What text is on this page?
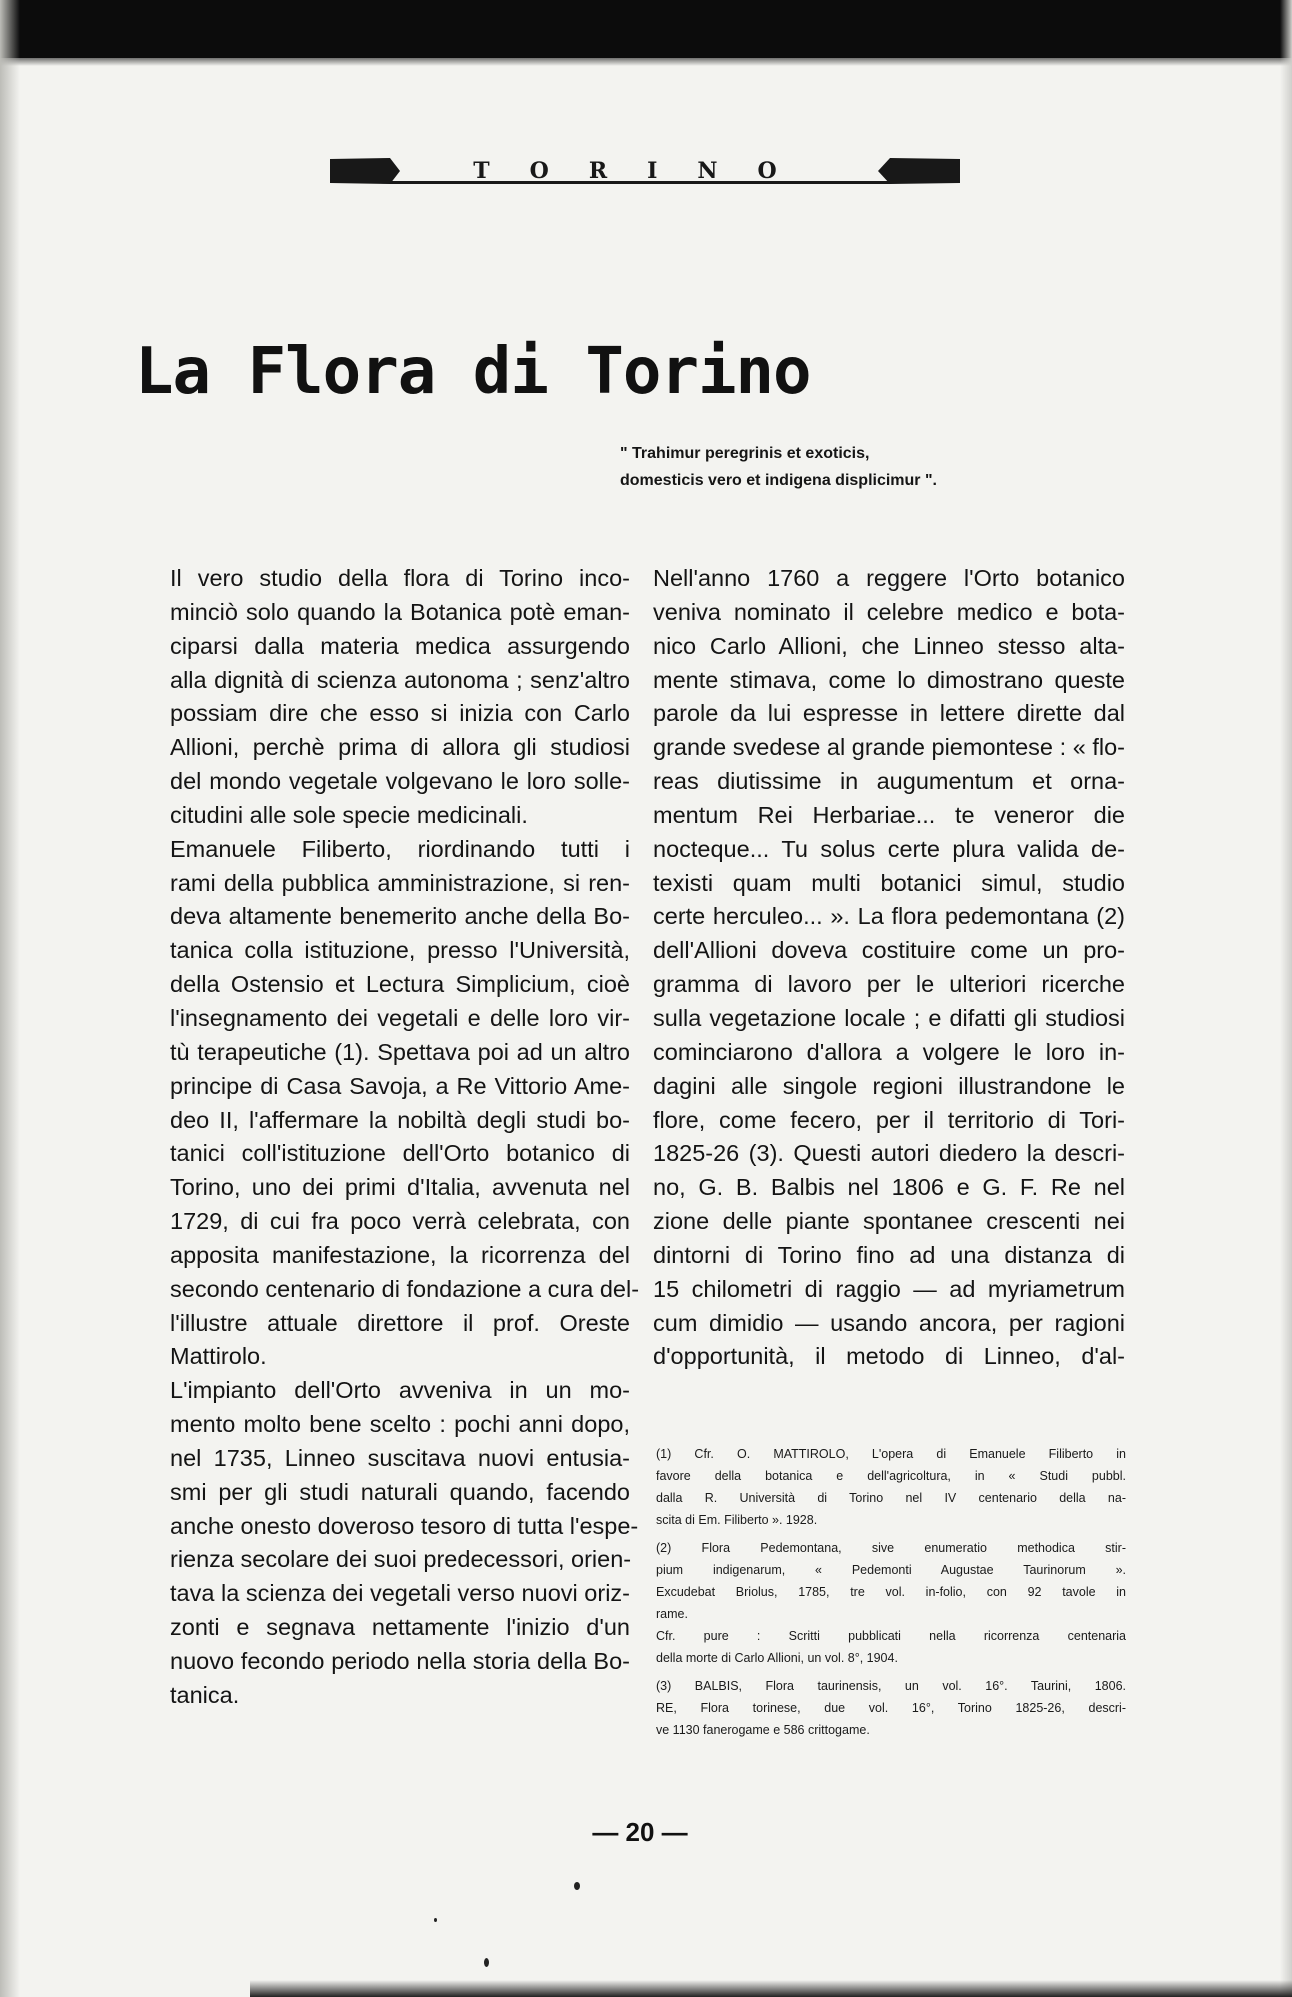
TORINO
La Flora di Torino
" Trahimur peregrinis et exoticis,
domesticis vero et indigena displicimur ".
Il vero studio della flora di Torino inco-
minciò solo quando la Botanica potè eman-
ciparsi dalla materia medica assurgendo
alla dignità di scienza autonoma ; senz'altro
possiam dire che esso si inizia con Carlo
Allioni, perchè prima di allora gli studiosi
del mondo vegetale volgevano le loro solle-
citudini alle sole specie medicinali.
Emanuele Filiberto, riordinando tutti i
rami della pubblica amministrazione, si ren-
deva altamente benemerito anche della Bo-
tanica colla istituzione, presso l'Università,
della Ostensio et Lectura Simplicium, cioè
l'insegnamento dei vegetali e delle loro vir-
tù terapeutiche (1). Spettava poi ad un altro
principe di Casa Savoja, a Re Vittorio Ame-
deo II, l'affermare la nobiltà degli studi bo-
tanici coll'istituzione dell'Orto botanico di
Torino, uno dei primi d'Italia, avvenuta nel
1729, di cui fra poco verrà celebrata, con
apposita manifestazione, la ricorrenza del
secondo centenario di fondazione a cura del-
l'illustre attuale direttore il prof. Oreste
Mattirolo.
L'impianto dell'Orto avveniva in un mo-
mento molto bene scelto : pochi anni dopo,
nel 1735, Linneo suscitava nuovi entusia-
smi per gli studi naturali quando, facendo
anche onesto doveroso tesoro di tutta l'espe-
rienza secolare dei suoi predecessori, orien-
tava la scienza dei vegetali verso nuovi oriz-
zonti e segnava nettamente l'inizio d'un
nuovo fecondo periodo nella storia della Bo-
tanica.
Nell'anno 1760 a reggere l'Orto botanico
veniva nominato il celebre medico e bota-
nico Carlo Allioni, che Linneo stesso alta-
mente stimava, come lo dimostrano queste
parole da lui espresse in lettere dirette dal
grande svedese al grande piemontese : « flo-
reas diutissime in augumentum et orna-
mentum Rei Herbariae... te veneror die
nocteque... Tu solus certe plura valida de-
texisti quam multi botanici simul, studio
certe herculeo... ». La flora pedemontana (2)
dell'Allioni doveva costituire come un pro-
gramma di lavoro per le ulteriori ricerche
sulla vegetazione locale ; e difatti gli studiosi
cominciarono d'allora a volgere le loro in-
dagini alle singole regioni illustrandone le
flore, come fecero, per il territorio di Tori-
1825-26 (3). Questi autori diedero la descri-
no, G. B. Balbis nel 1806 e G. F. Re nel
zione delle piante spontanee crescenti nei
dintorni di Torino fino ad una distanza di
15 chilometri di raggio — ad myriametrum
cum dimidio — usando ancora, per ragioni
d'opportunità, il metodo di Linneo, d'al-
(1) Cfr. O. MATTIROLO, L'opera di Emanuele Filiberto in
favore della botanica e dell'agricoltura, in « Studi pubbl.
dalla R. Università di Torino nel IV centenario della na-
scita di Em. Filiberto ». 1928.
(2) Flora Pedemontana, sive enumeratio methodica stir-
pium indigenarum, « Pedemonti Augustae Taurinorum ».
Excudebat Briolus, 1785, tre vol. in-folio, con 92 tavole in
rame.
Cfr. pure : Scritti pubblicati nella ricorrenza centenaria
della morte di Carlo Allioni, un vol. 8°, 1904.
(3) BALBIS, Flora taurinensis, un vol. 16°. Taurini, 1806.
RE, Flora torinese, due vol. 16°, Torino 1825-26, descri-
ve 1130 fanerogame e 586 crittogame.
— 20 —
